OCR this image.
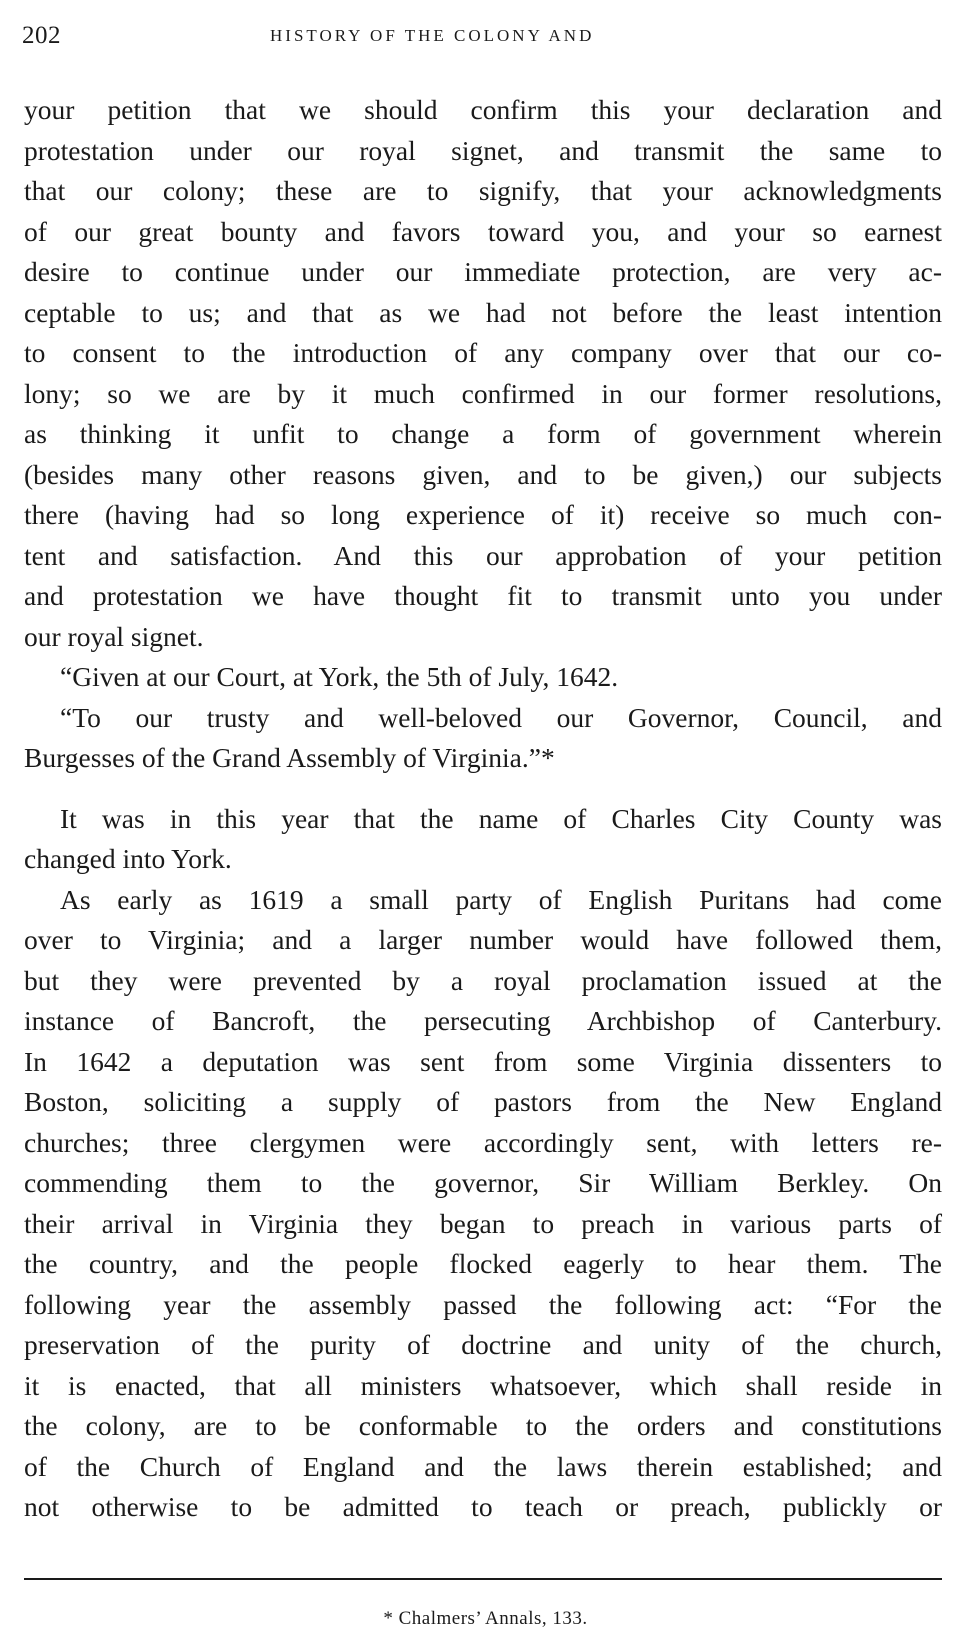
202	HISTORY OF THE COLONY AND
your petition that we should confirm this your declaration and
protestation under our royal signet, and transmit the same to
that our colony; these are to signify, that your acknowledgments
of our great bounty and favors toward you, and your so earnest
desire to continue under our immediate protection, are very ac-
ceptable to us; and that as we had not before the least intention
to consent to the introduction of any company over that our co-
lony; so we are by it much confirmed in our former resolutions,
as thinking it unfit to change a form of government wherein
(besides many other reasons given, and to be given,) our subjects
there (having had so long experience of it) receive so much con-
tent and satisfaction. And this our approbation of your petition
and protestation we have thought fit to transmit unto you under
our royal signet.
“Given at our Court, at York, the 5th of July, 1642.
“To our trusty and well-beloved our Governor, Council, and
Burgesses of the Grand Assembly of Virginia.”*
It was in this year that the name of Charles City County was
changed into York.
As early as 1619 a small party of English Puritans had come
over to Virginia; and a larger number would have followed them,
but they were prevented by a royal proclamation issued at the
instance of Bancroft, the persecuting Archbishop of Canterbury.
In 1642 a deputation was sent from some Virginia dissenters to
Boston, soliciting a supply of pastors from the New England
churches; three clergymen were accordingly sent, with letters re-
commending them to the governor, Sir William Berkley. On
their arrival in Virginia they began to preach in various parts of
the country, and the people flocked eagerly to hear them. The
following year the assembly passed the following act: “For the
preservation of the purity of doctrine and unity of the church,
it is enacted, that all ministers whatsoever, which shall reside in
the colony, are to be conformable to the orders and constitutions
of the Church of England and the laws therein established; and
not otherwise to be admitted to teach or preach, publickly or
* Chalmers’ Annals, 133.
